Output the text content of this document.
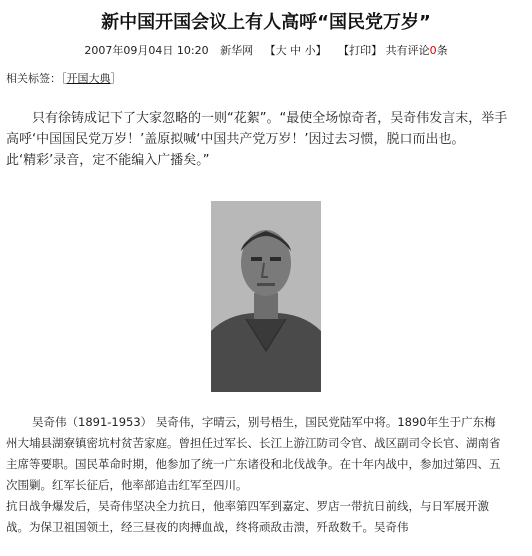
新中国开国会议上有人高呼“国民党万岁”
2007年09月04日 10:20 新华网 【大 中 小】 【打印】 共有评论0条
相关标签：［开国大典］
只有徐铸成记下了大家忽略的一则“花絮”。“最使全场惊奇者，吴奇伟发言末，举手
高呼‘中国国民党万岁！’盖原拟喊‘中国共产党万岁！’因过去习惯，脱口而出也。
此‘精彩’录音，定不能编入广播矣。”
吴奇伟（1891-1953） 吴奇伟，字晴云，别号梧生，国民党陆军中将。1890年生于广东梅
州大埔县湖寮镇密坑村贫苦家庭。曾担任过军长、长江上游江防司令官、战区副司令长官、湖南省
主席等要职。国民革命时期，他参加了统一广东诸役和北伐战争。在十年内战中，参加过第四、五
次围剿。红军长征后，他率部追击红军至四川。
抗日战争爆发后，吴奇伟坚决全力抗日，他率第四军到嘉定、罗店一带抗日前线，与日军展开激
战。为保卫祖国领土，经三昼夜的肉搏血战，终将顽敌击溃，歼敌数千。吴奇伟
